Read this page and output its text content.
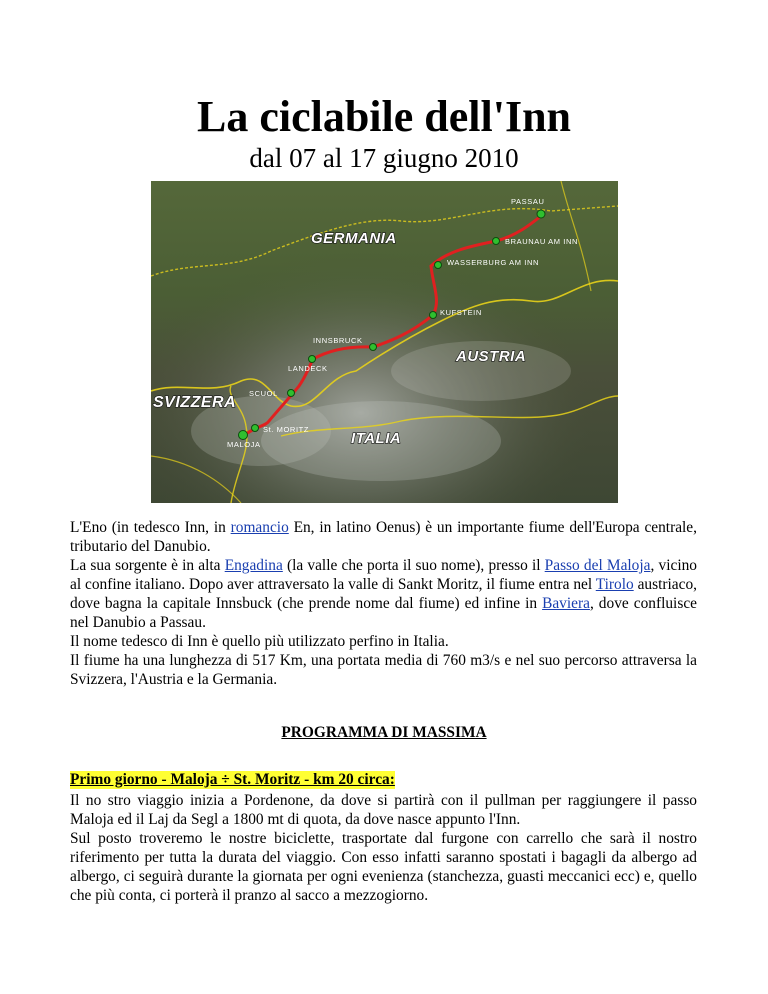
La ciclabile dell'Inn
dal 07 al 17 giugno 2010
GERMANIA
AUSTRIA
SVIZZERA
ITALIA
PASSAU
BRAUNAU AM INN
WASSERBURG AM INN
KUFSTEIN
INNSBRUCK
LANDECK
SCUOL
St. MORITZ
MALOJA

L'Eno (in tedesco Inn, in romancio En, in latino Oenus) è un importante fiume dell'Europa centrale, tributario del Danubio.

La sua sorgente è in alta Engadina (la valle che porta il suo nome), presso il Passo del Maloja, vicino al confine italiano. Dopo aver attraversato la valle di Sankt Moritz, il fiume entra nel Tirolo austriaco, dove bagna la capitale Innsbuck (che prende nome dal fiume) ed infine in Baviera, dove confluisce nel Danubio a Passau.

Il nome tedesco di Inn è quello più utilizzato perfino in Italia.

Il fiume ha una lunghezza di 517 Km, una portata media di 760 m3/s e nel suo percorso attraversa la Svizzera, l'Austria e la Germania.

PROGRAMMA DI MASSIMA
Primo giorno - Maloja ÷ St. Moritz - km 20 circa:

Il no stro viaggio inizia a Pordenone, da dove si partirà con il pullman per raggiungere il passo Maloja ed il Laj da Segl a 1800 mt di quota, da dove nasce appunto l'Inn.

Sul posto troveremo le nostre biciclette, trasportate dal furgone con carrello che sarà il nostro riferimento per tutta la durata del viaggio. Con esso infatti saranno spostati i bagagli da albergo ad albergo, ci seguirà durante la giornata per ogni evenienza (stanchezza, guasti meccanici ecc) e, quello che più conta, ci porterà il pranzo al sacco a mezzogiorno.
